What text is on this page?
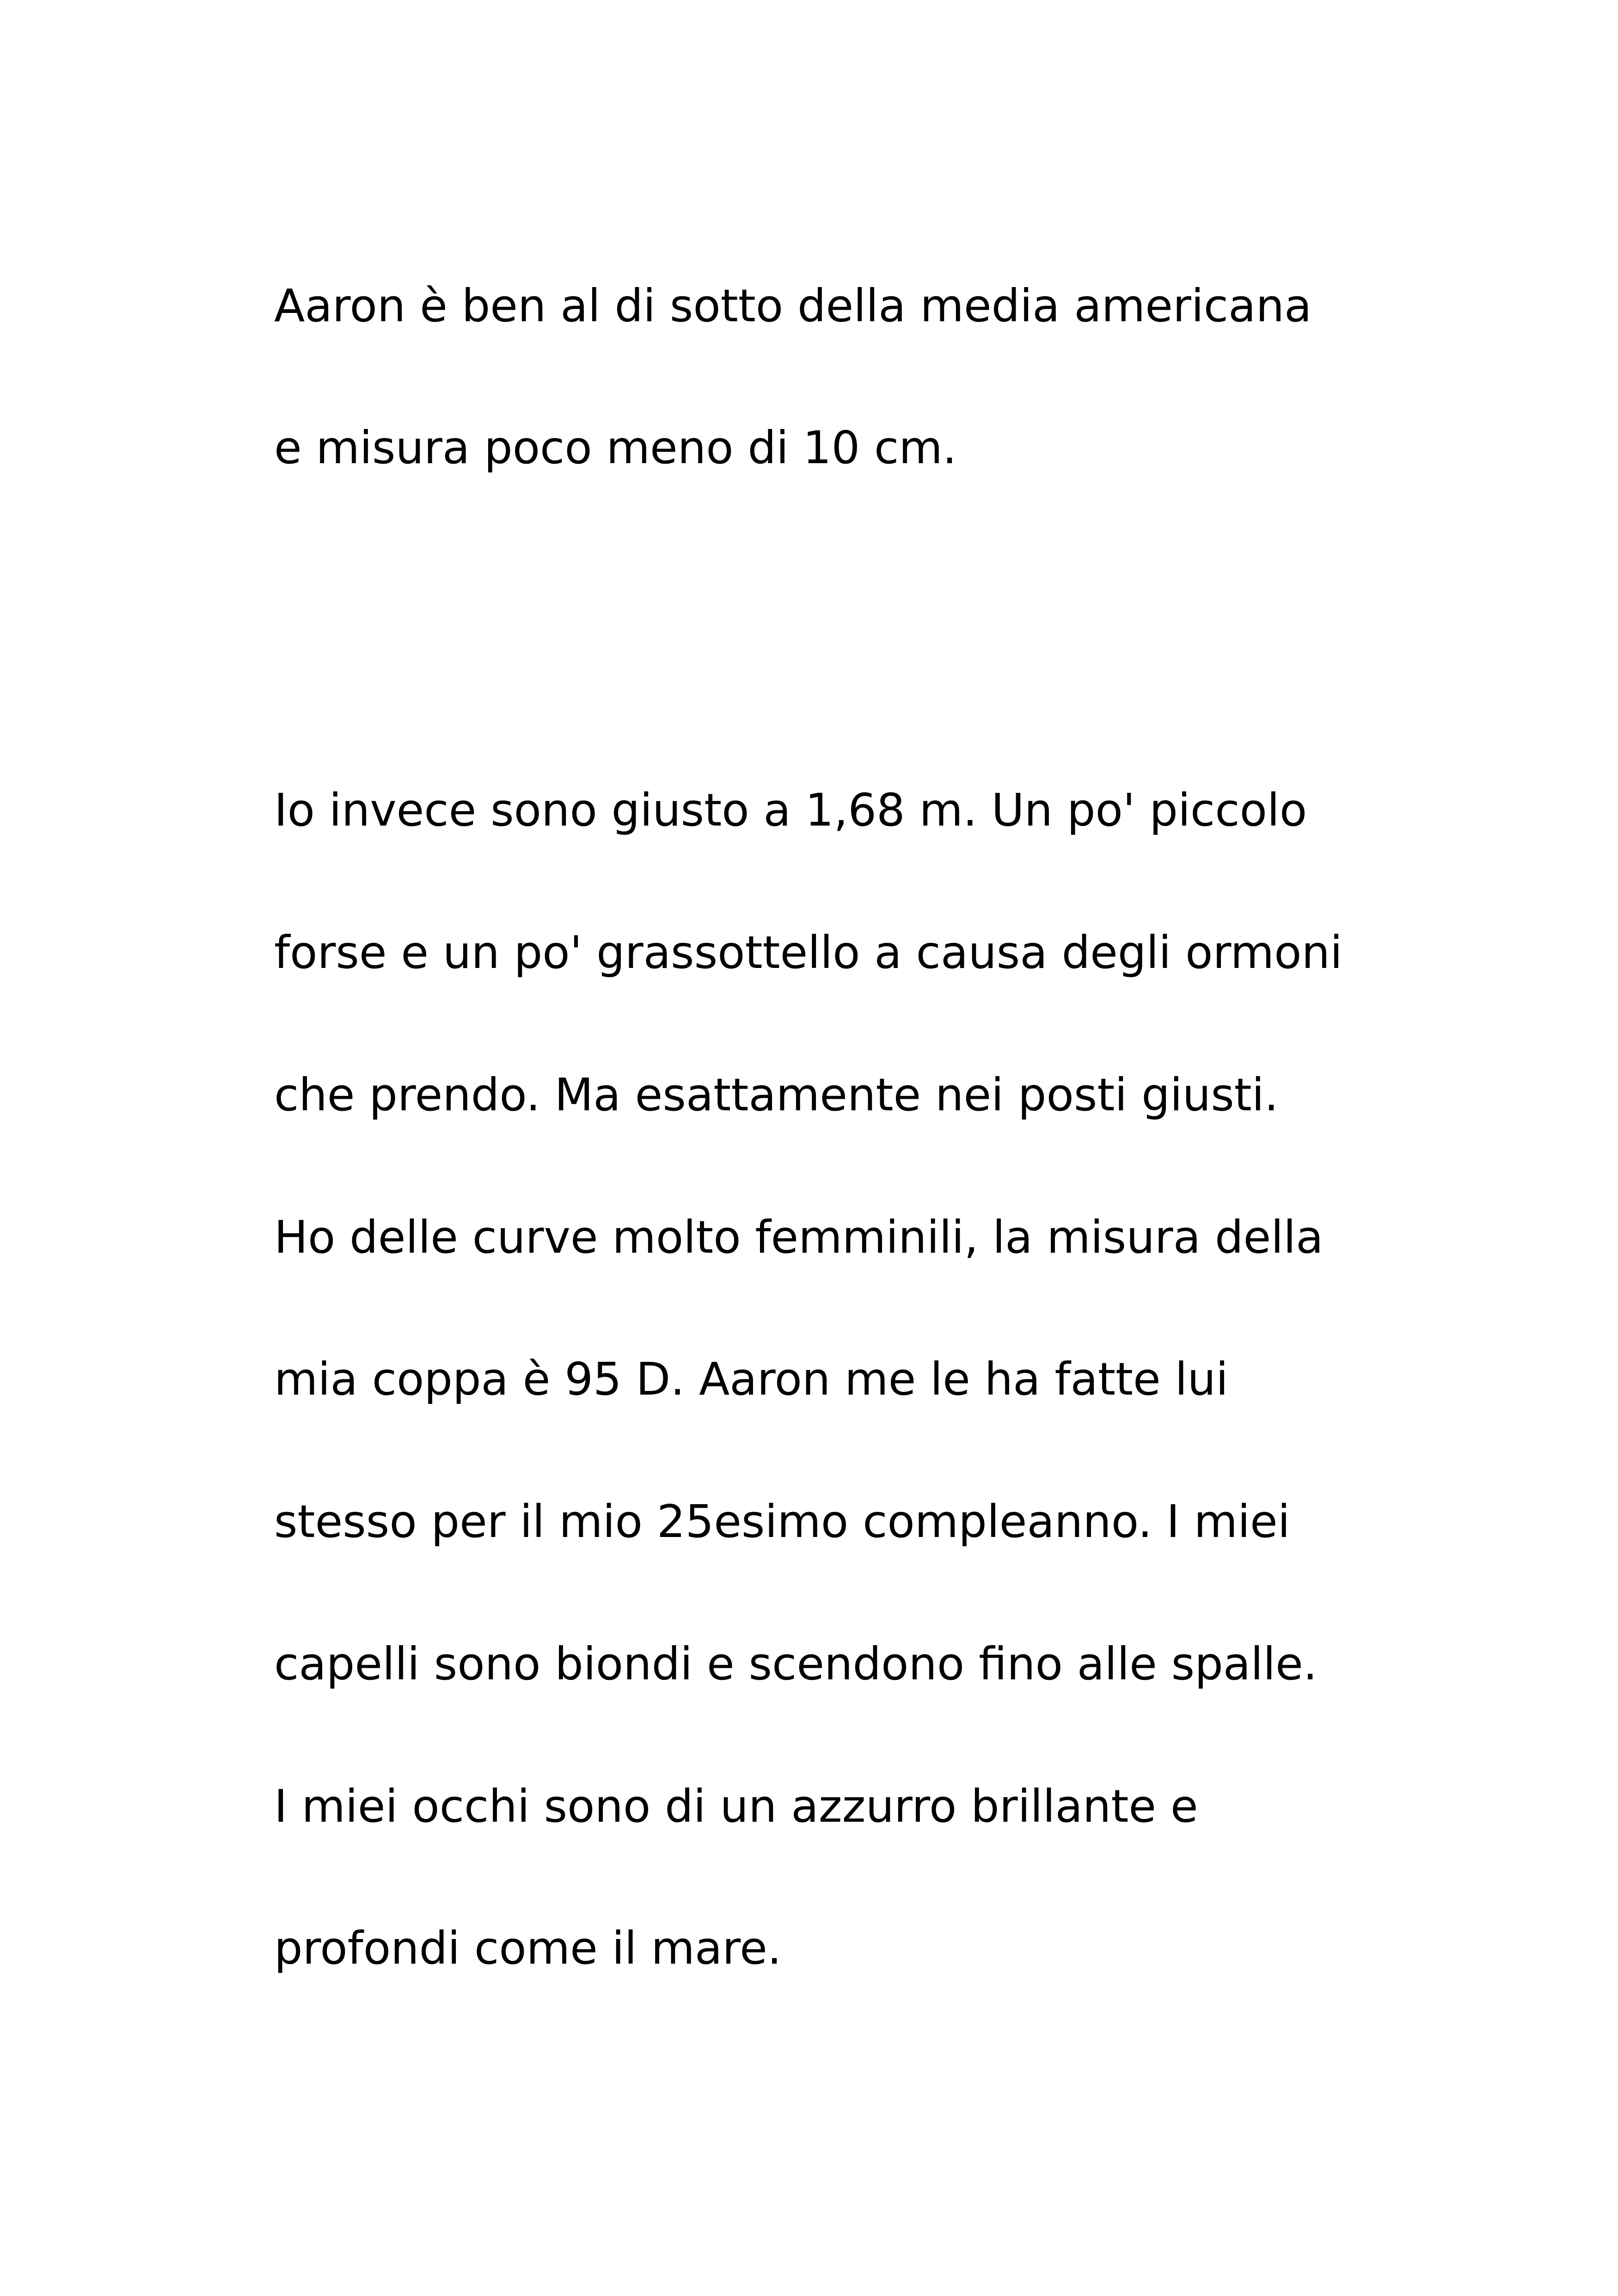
Aaron è ben al di sotto della media americana

e misura poco meno di 10 cm.

Io invece sono giusto a 1,68 m. Un po' piccolo

forse e un po' grassottello a causa degli ormoni

che prendo. Ma esattamente nei posti giusti.

Ho delle curve molto femminili, la misura della

mia coppa è 95 D. Aaron me le ha fatte lui

stesso per il mio 25esimo compleanno. I miei

capelli sono biondi e scendono fino alle spalle.

I miei occhi sono di un azzurro brillante e

profondi come il mare.
